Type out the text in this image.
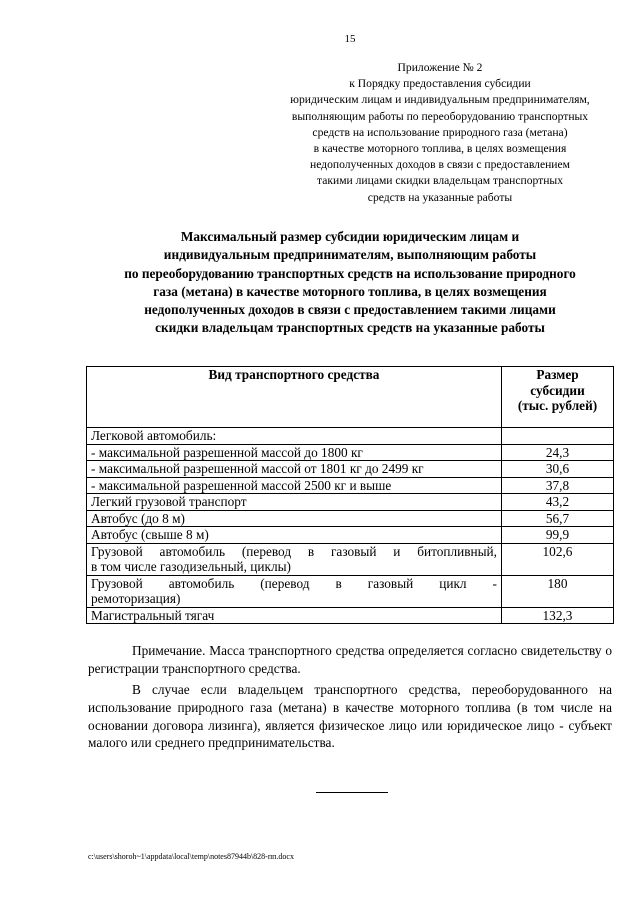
15
Приложение № 2
к Порядку предоставления субсидии
юридическим лицам и индивидуальным предпринимателям,
выполняющим работы по переоборудованию транспортных
средств на использование природного газа (метана)
в качестве моторного топлива, в целях возмещения
недополученных доходов в связи с предоставлением
такими лицами скидки владельцам транспортных
средств на указанные работы
Максимальный размер субсидии юридическим лицам и
индивидуальным предпринимателям, выполняющим работы
по переоборудованию транспортных средств на использование природного
газа (метана) в качестве моторного топлива, в целях возмещения
недополученных доходов в связи с предоставлением такими лицами
скидки владельцам транспортных средств на указанные работы
Вид транспортного средства	Размер
субсидии
(тыс. рублей)
Легковой автомобиль:	
- максимальной разрешенной массой до 1800 кг	24,3
- максимальной разрешенной массой от 1801 кг до 2499 кг	30,6
- максимальной разрешенной массой 2500 кг и выше	37,8
Легкий грузовой транспорт	43,2
Автобус (до 8 м)	56,7
Автобус (свыше 8 м)	99,9
Грузовой автомобиль (перевод в газовый и битопливный,
в том числе газодизельный, циклы)	102,6
Грузовой автомобиль (перевод в газовый цикл -
ремоторизация)	180
Магистральный тягач	132,3
Примечание. Масса транспортного средства определяется согласно свидетельству о регистрации транспортного средства.
В случае если владельцем транспортного средства, переоборудованного на использование природного газа (метана) в качестве моторного топлива (в том числе на основании договора лизинга), является физическое лицо или юридическое лицо - субъект малого или среднего предпринимательства.
c:\users\shoroh~1\appdata\local\temp\notes87944b\828-пп.docx
